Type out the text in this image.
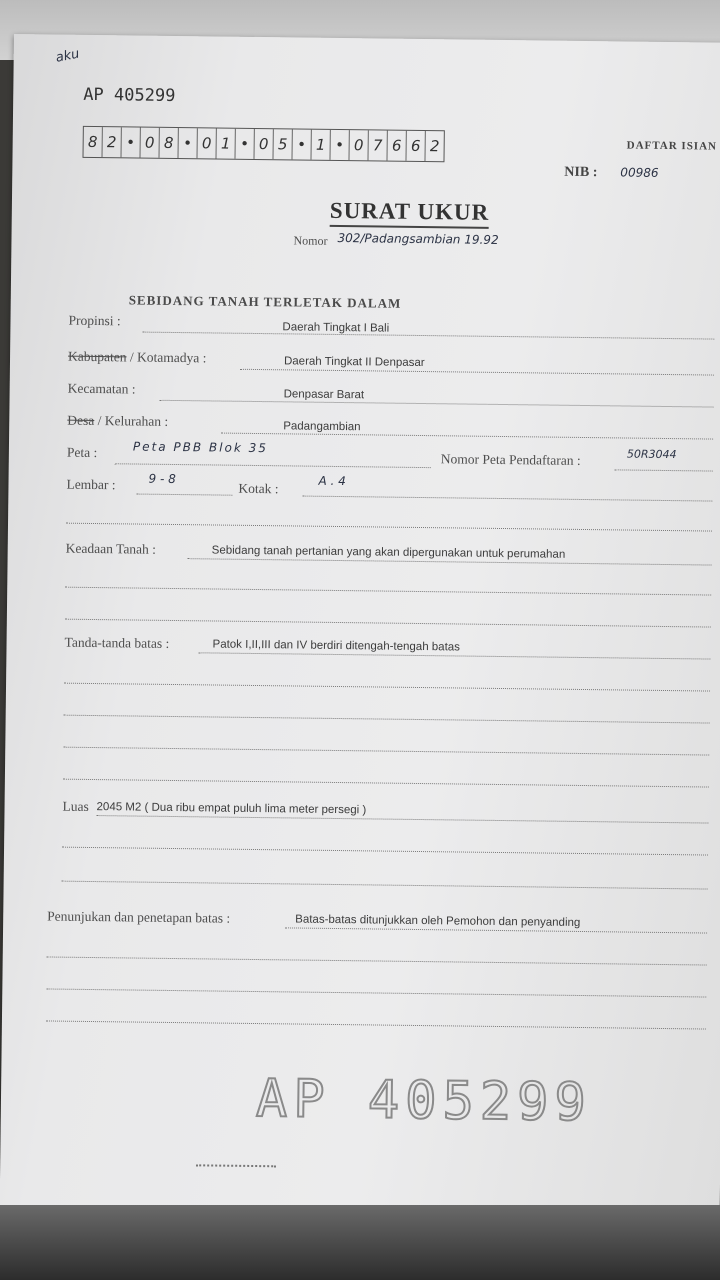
aku
AP 405299
8 2 • 0 8 • 0 1 • 0 5 • 1 • 0 7 6 6 2	DAFTAR ISIAN
NIB : 00986
SURAT UKUR
Nomor 302/Padangsambian 19.92
SEBIDANG TANAH TERLETAK DALAM
Propinsi :	Daerah Tingkat I Bali
Kabupaten / Kotamadya :	Daerah Tingkat II Denpasar
Kecamatan :	Denpasar Barat
Desa / Kelurahan :	Padangambian
Peta :	Peta PBB Blok 35
Nomor Peta Pendaftaran :	50R3044
Lembar :	9 - 8
Kotak :	A . 4
Keadaan Tanah :	Sebidang tanah pertanian yang akan dipergunakan untuk perumahan
Tanda-tanda batas :	Patok I,II,III dan IV berdiri ditengah-tengah batas
Luas 2045 M2 ( Dua ribu empat puluh lima meter persegi )
Penunjukan dan penetapan batas :	Batas-batas ditunjukkan oleh Pemohon dan penyanding
AP 405299
